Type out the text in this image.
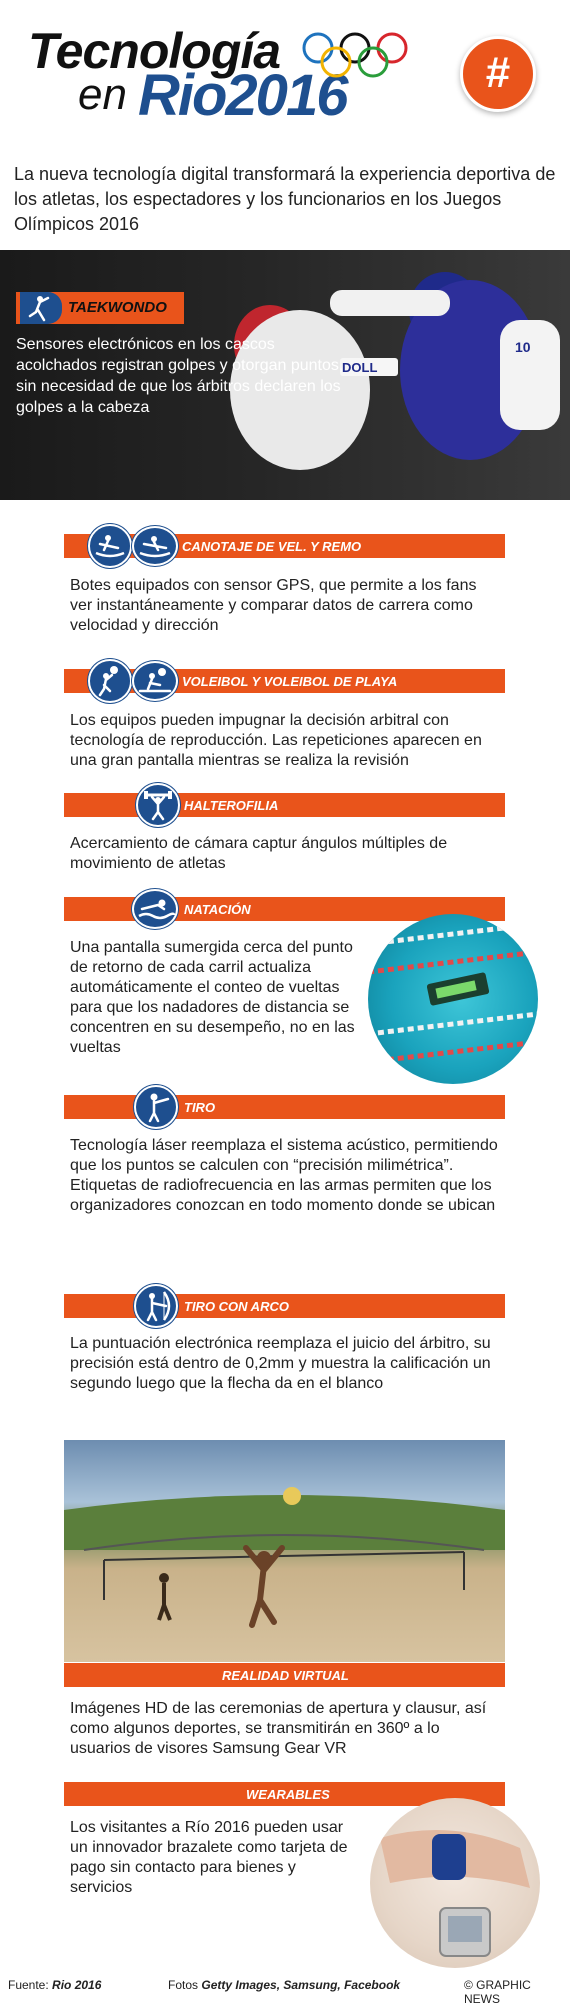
Tecnología
en Rio2016	#
La nueva tecnología digital transformará la experiencia deportiva de los atletas, los espectadores y los funcionarios en los Juegos Olímpicos 2016
DOLL
10
TAEKWONDO
Sensores electrónicos en los cascos acolchados registran golpes y otorgan puntos, sin necesidad de que los árbitros declaren los golpes a la cabeza
CANOTAJE DE VEL. Y REMO
Botes equipados con sensor GPS, que permite a los fans ver instantáneamente y comparar datos de carrera como velocidad y dirección
VOLEIBOL Y VOLEIBOL DE PLAYA
Los equipos pueden impugnar la decisión arbitral con tecnología de reproducción. Las repeticiones aparecen en una gran pantalla mientras se realiza la revisión
HALTEROFILIA
Acercamiento de cámara captur ángulos múltiples de movimiento de atletas
NATACIÓN
Una pantalla sumergida cerca del punto de retorno de cada carril actualiza automáticamente el conteo de vueltas para que los nadadores de distancia se concentren en su desempeño, no en las vueltas
TIRO
Tecnología láser reemplaza el sistema acústico, permitiendo que los puntos se calculen con “precisión milimétrica”. Etiquetas de radiofrecuencia en las armas permiten que los organizadores conozcan en todo momento donde se ubican
TIRO CON ARCO
La puntuación electrónica reemplaza el juicio del árbitro, su precisión está dentro de 0,2mm y muestra la calificación un segundo luego que la flecha da en el blanco
REALIDAD VIRTUAL
Imágenes HD de las ceremonias de apertura y clausur, así como algunos deportes, se transmitirán en 360º a lo usuarios de visores Samsung Gear VR
WEARABLES
Los visitantes a Río 2016 pueden usar un innovador brazalete como tarjeta de pago sin contacto para bienes y servicios
Fuente: Rio 2016	Fotos Getty Images, Samsung, Facebook	© GRAPHIC NEWS
